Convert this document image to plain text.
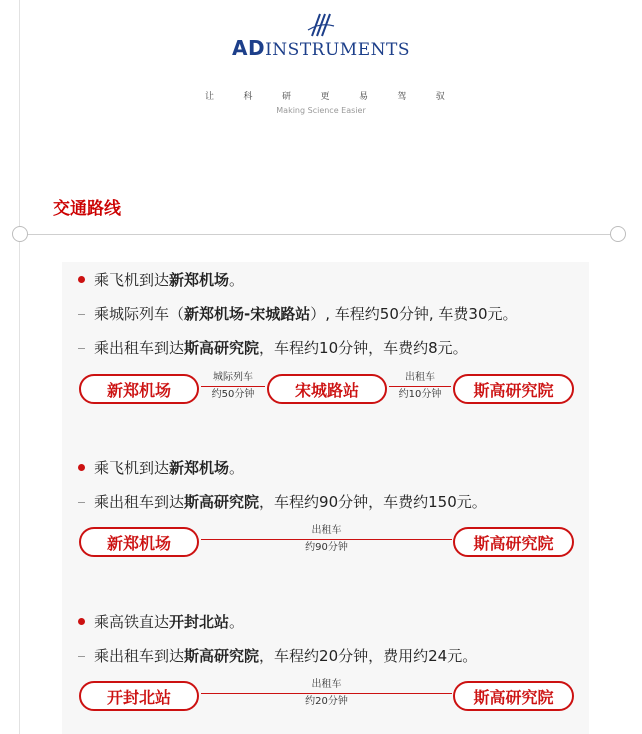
ADINSTRUMENTS
让	科	研	更	易	驾	驭
Making Science Easier
交通路线
乘飞机到达新郑机场。
乘城际列车（新郑机场-宋城路站）, 车程约50分钟, 车费30元。
乘出租车到达斯高研究院，车程约10分钟，车费约8元。
新郑机场
城际列车
约50分钟	宋城路站
出租车
约10分钟	斯高研究院
乘飞机到达新郑机场。
乘出租车到达斯高研究院，车程约90分钟，车费约150元。
新郑机场
出租车
约90分钟	斯高研究院
乘高铁直达开封北站。
乘出租车到达斯高研究院，车程约20分钟，费用约24元。
开封北站
出租车
约20分钟	斯高研究院
